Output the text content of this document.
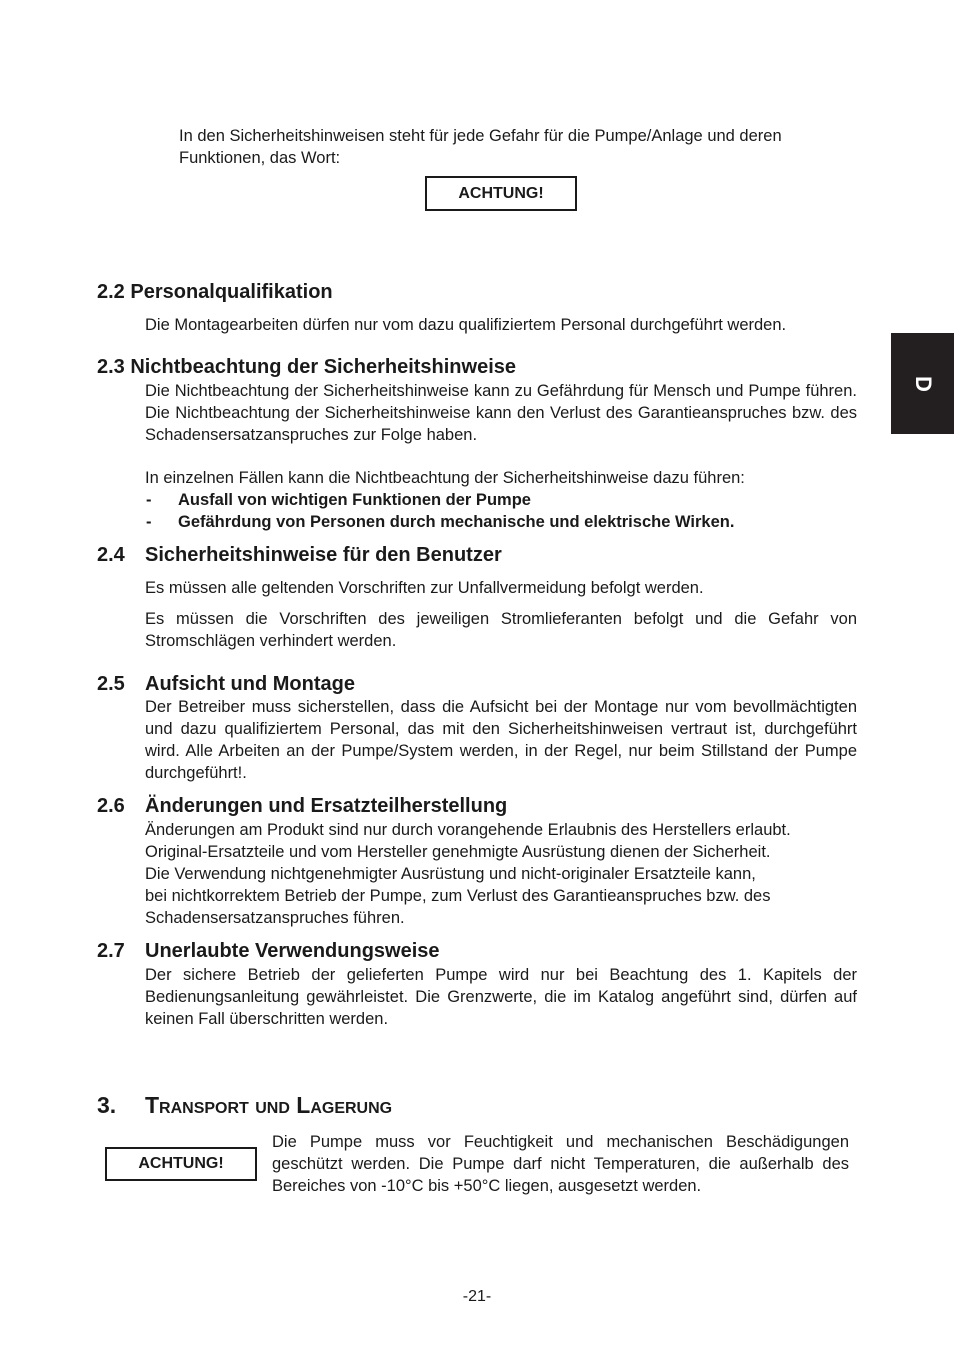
In den Sicherheitshinweisen steht für jede Gefahr für die Pumpe/Anlage und deren Funktionen, das Wort:
ACHTUNG!
D
2.2 Personalqualifikation
Die Montagearbeiten dürfen nur vom dazu qualifiziertem Personal durchgeführt werden.
2.3 Nichtbeachtung der Sicherheitshinweise
Die Nichtbeachtung der Sicherheitshinweise kann zu Gefährdung für Mensch und Pumpe führen. Die Nichtbeachtung der Sicherheitshinweise kann den Verlust des Garantieanspruches bzw. des Schadensersatzanspruches zur Folge haben.
In einzelnen Fällen kann die Nichtbeachtung der Sicherheitshinweise dazu führen:
- Ausfall von wichtigen Funktionen der Pumpe
- Gefährdung von Personen durch mechanische und elektrische Wirken.
2.4 Sicherheitshinweise für den Benutzer
Es müssen alle geltenden Vorschriften zur Unfallvermeidung befolgt werden.
Es müssen die Vorschriften des jeweiligen Stromlieferanten befolgt und die Gefahr von Stromschlägen verhindert werden.
2.5 Aufsicht und Montage
Der Betreiber muss sicherstellen, dass die Aufsicht bei der Montage nur vom bevollmächtigten und dazu qualifiziertem Personal, das mit den Sicherheitshinweisen vertraut ist, durchgeführt wird. Alle Arbeiten an der Pumpe/System werden, in der Regel, nur beim Stillstand der Pumpe durchgeführt!.
2.6 Änderungen und Ersatzteilherstellung
Änderungen am Produkt sind nur durch vorangehende Erlaubnis des Herstellers erlaubt.
Original-Ersatzteile und vom Hersteller genehmigte Ausrüstung dienen der Sicherheit.
Die Verwendung nichtgenehmigter Ausrüstung und nicht-originaler Ersatzteile kann,
bei nichtkorrektem Betrieb der Pumpe, zum Verlust des Garantieanspruches bzw. des
Schadensersatzanspruches führen.
2.7 Unerlaubte Verwendungsweise
Der sichere Betrieb der gelieferten Pumpe wird nur bei Beachtung des 1. Kapitels der Bedienungsanleitung gewährleistet. Die Grenzwerte, die im Katalog angeführt sind, dürfen auf keinen Fall überschritten werden.
3. Transport und Lagerung
ACHTUNG!
Die Pumpe muss vor Feuchtigkeit und mechanischen Beschädigungen geschützt werden. Die Pumpe darf nicht Temperaturen, die außerhalb des Bereiches von -10°C bis +50°C liegen, ausgesetzt werden.
-21-
